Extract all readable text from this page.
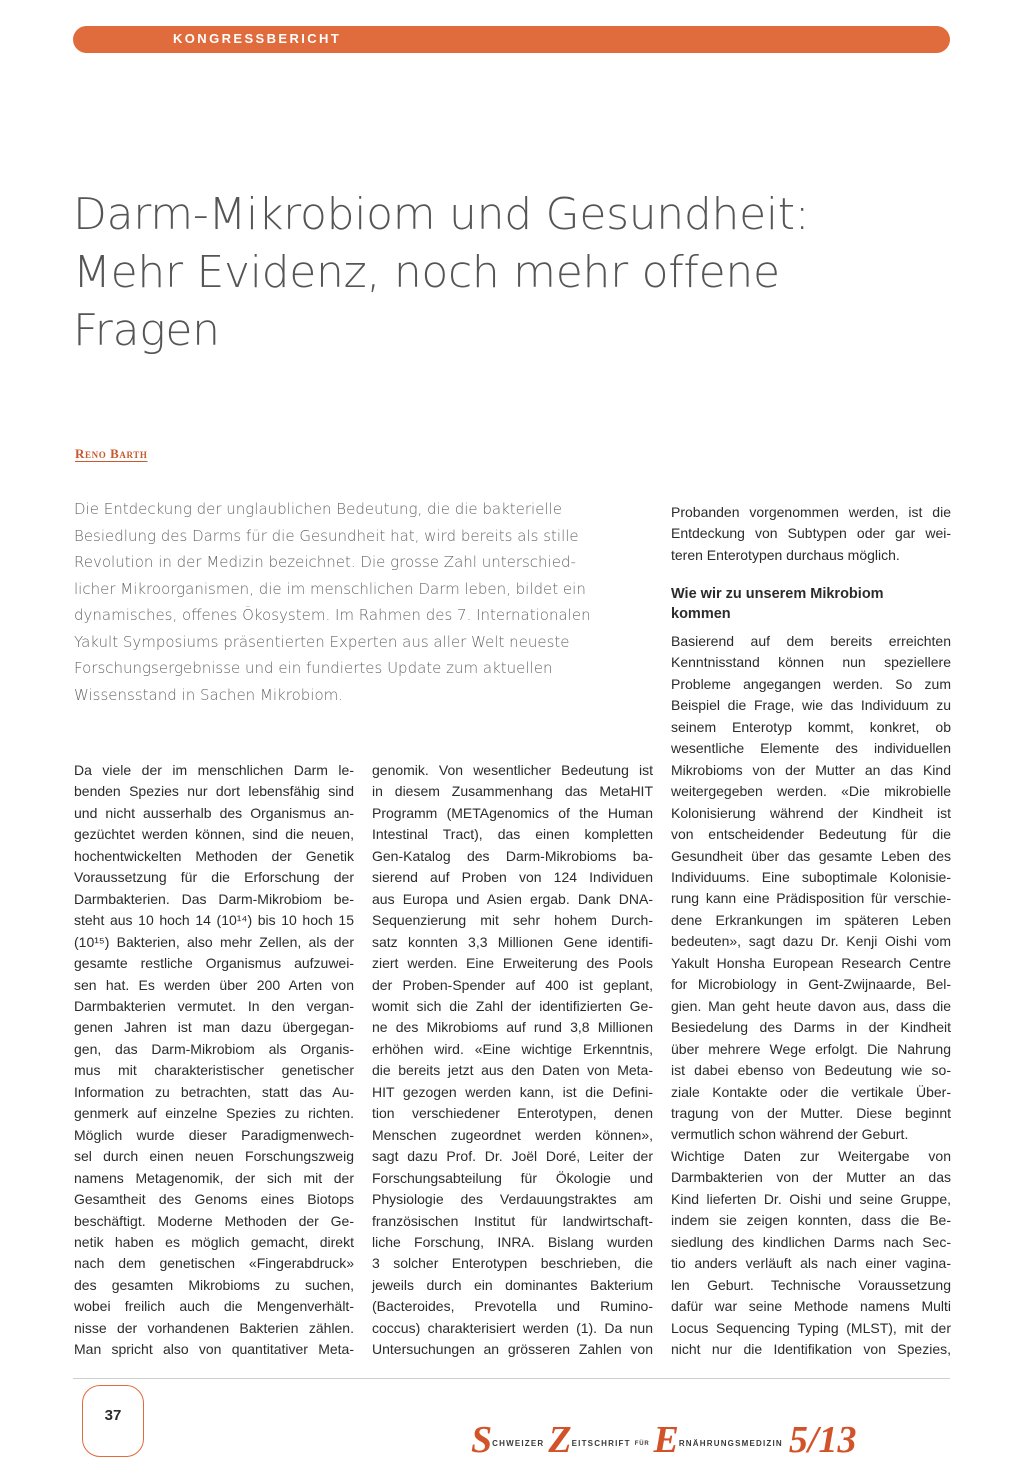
KONGRESSBERICHT
Darm-Mikrobiom und Gesundheit:
Mehr Evidenz, noch mehr offene
Fragen
Reno Barth
Die Entdeckung der unglaublichen Bedeutung, die die bakterielle
Besiedlung des Darms für die Gesundheit hat, wird bereits als stille
Revolution in der Medizin bezeichnet. Die grosse Zahl unterschied-
licher Mikroorganismen, die im menschlichen Darm leben, bildet ein
dynamisches, offenes Ökosystem. Im Rahmen des 7. Internationalen
Yakult Symposiums präsentierten Experten aus aller Welt neueste
Forschungsergebnisse und ein fundiertes Update zum aktuellen
Wissensstand in Sachen Mikrobiom.
Da viele der im menschlichen Darm le-
benden Spezies nur dort lebensfähig sind
und nicht ausserhalb des Organismus an-
gezüchtet werden können, sind die neuen,
hochentwickelten Methoden der Genetik
Voraussetzung für die Erforschung der
Darmbakterien. Das Darm-Mikrobiom be-
steht aus 10 hoch 14 (10¹⁴) bis 10 hoch 15
(10¹⁵) Bakterien, also mehr Zellen, als der
gesamte restliche Organismus aufzuwei-
sen hat. Es werden über 200 Arten von
Darmbakterien vermutet. In den vergan-
genen Jahren ist man dazu übergegan-
gen, das Darm-Mikrobiom als Organis-
mus mit charakteristischer genetischer
Information zu betrachten, statt das Au-
genmerk auf einzelne Spezies zu richten.
Möglich wurde dieser Paradigmenwech-
sel durch einen neuen Forschungszweig
namens Metagenomik, der sich mit der
Gesamtheit des Genoms eines Biotops
beschäftigt. Moderne Methoden der Ge-
netik haben es möglich gemacht, direkt
nach dem genetischen «Fingerabdruck»
des gesamten Mikrobioms zu suchen,
wobei freilich auch die Mengenverhält-
nisse der vorhandenen Bakterien zählen.
Man spricht also von quantitativer Meta-
genomik. Von wesentlicher Bedeutung ist
in diesem Zusammenhang das MetaHIT
Programm (METAgenomics of the Human
Intestinal Tract), das einen kompletten
Gen-Katalog des Darm-Mikrobioms ba-
sierend auf Proben von 124 Individuen
aus Europa und Asien ergab. Dank DNA-
Sequenzierung mit sehr hohem Durch-
satz konnten 3,3 Millionen Gene identifi-
ziert werden. Eine Erweiterung des Pools
der Proben-Spender auf 400 ist geplant,
womit sich die Zahl der identifizierten Ge-
ne des Mikrobioms auf rund 3,8 Millionen
erhöhen wird. «Eine wichtige Erkenntnis,
die bereits jetzt aus den Daten von Meta-
HIT gezogen werden kann, ist die Defini-
tion verschiedener Enterotypen, denen
Menschen zugeordnet werden können»,
sagt dazu Prof. Dr. Joël Doré, Leiter der
Forschungsabteilung für Ökologie und
Physiologie des Verdauungstraktes am
französischen Institut für landwirtschaft-
liche Forschung, INRA. Bislang wurden
3 solcher Enterotypen beschrieben, die
jeweils durch ein dominantes Bakterium
(Bacteroides, Prevotella und Rumino-
coccus) charakterisiert werden (1). Da nun
Untersuchungen an grösseren Zahlen von
Probanden vorgenommen werden, ist die
Entdeckung von Subtypen oder gar wei-
teren Enterotypen durchaus möglich.
Wie wir zu unserem Mikrobiom
kommen
Basierend auf dem bereits erreichten
Kenntnisstand können nun speziellere
Probleme angegangen werden. So zum
Beispiel die Frage, wie das Individuum zu
seinem Enterotyp kommt, konkret, ob
wesentliche Elemente des individuellen
Mikrobioms von der Mutter an das Kind
weitergegeben werden. «Die mikrobielle
Kolonisierung während der Kindheit ist
von entscheidender Bedeutung für die
Gesundheit über das gesamte Leben des
Individuums. Eine suboptimale Kolonisie-
rung kann eine Prädisposition für verschie-
dene Erkrankungen im späteren Leben
bedeuten», sagt dazu Dr. Kenji Oishi vom
Yakult Honsha European Research Centre
for Microbiology in Gent-Zwijnaarde, Bel-
gien. Man geht heute davon aus, dass die
Besiedelung des Darms in der Kindheit
über mehrere Wege erfolgt. Die Nahrung
ist dabei ebenso von Bedeutung wie so-
ziale Kontakte oder die vertikale Über-
tragung von der Mutter. Diese beginnt
vermutlich schon während der Geburt.
Wichtige Daten zur Weitergabe von
Darmbakterien von der Mutter an das
Kind lieferten Dr. Oishi und seine Gruppe,
indem sie zeigen konnten, dass die Be-
siedlung des kindlichen Darms nach Sec-
tio anders verläuft als nach einer vagina-
len Geburt. Technische Voraussetzung
dafür war seine Methode namens Multi
Locus Sequencing Typing (MLST), mit der
nicht nur die Identifikation von Spezies,
37
$S^{CHWEIZER}$ $Z^{EITSCHRIFT}$ $^{FÜR}$ $E^{RNÄHRUNGSMEDIZIN}$ 5/13
